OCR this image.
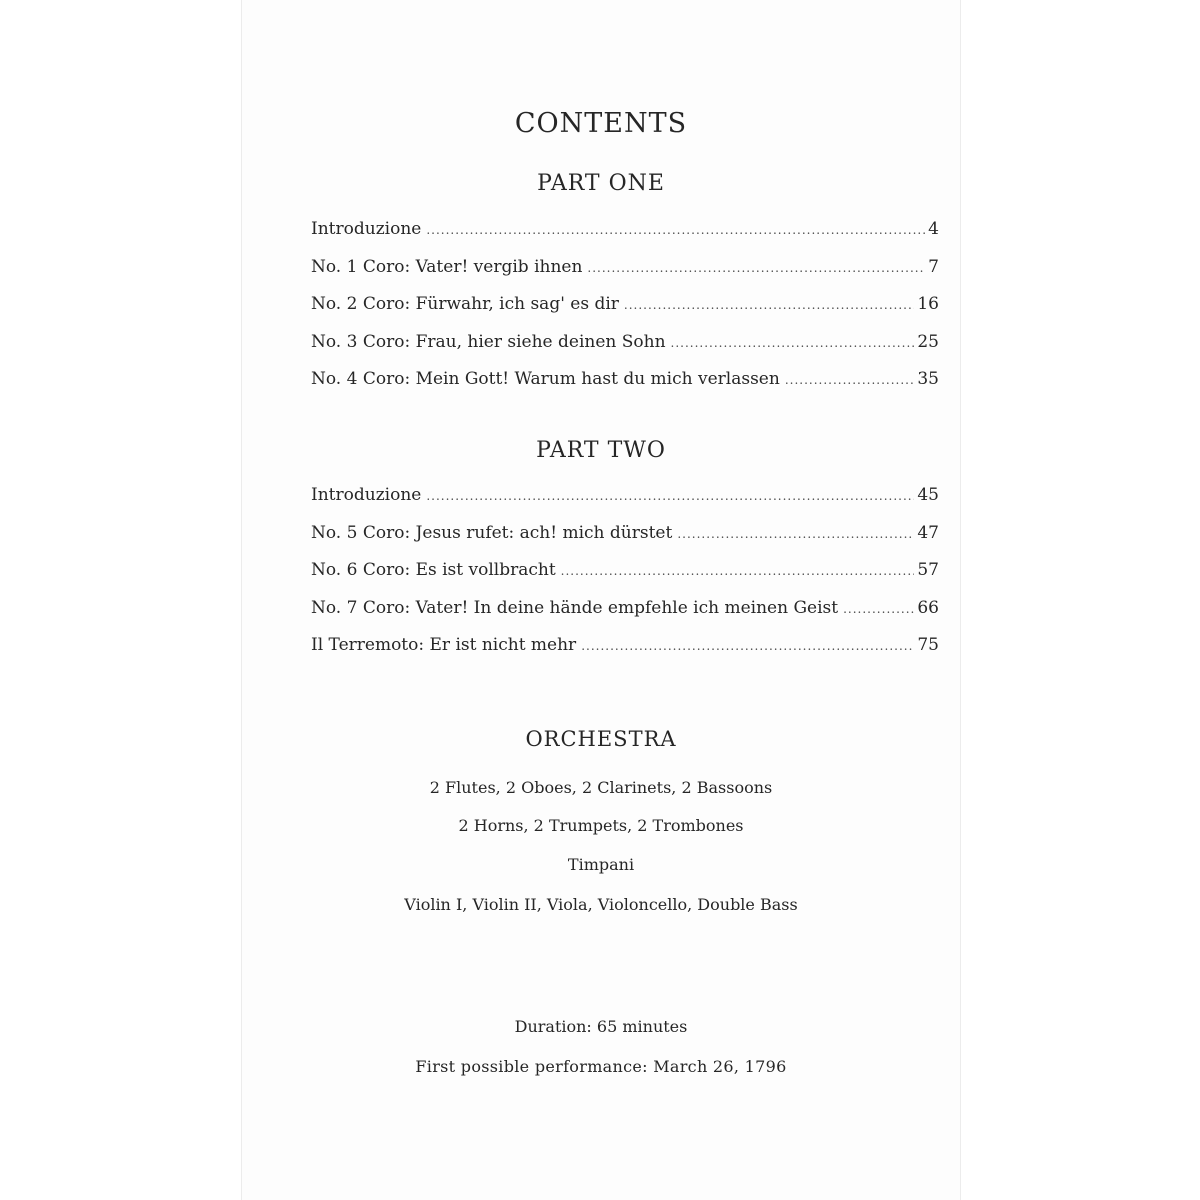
CONTENTS
PART ONE
Introduzione .....	4
No. 1 Coro: Vater! vergib ihnen .....	7
No. 2 Coro: Fürwahr, ich sag' es dir .....	16
No. 3 Coro: Frau, hier siehe deinen Sohn .....	25
No. 4 Coro: Mein Gott! Warum hast du mich verlassen .....	35
PART TWO
Introduzione .....	45
No. 5 Coro: Jesus rufet: ach! mich dürstet .....	47
No. 6 Coro: Es ist vollbracht .....	57
No. 7 Coro: Vater! In deine hände empfehle ich meinen Geist .....	66
Il Terremoto: Er ist nicht mehr .....	75
ORCHESTRA

2 Flutes, 2 Oboes, 2 Clarinets, 2 Bassoons

2 Horns, 2 Trumpets, 2 Trombones

Timpani

Violin I, Violin II, Viola, Violoncello, Double Bass

Duration: 65 minutes

First possible performance: March 26, 1796
